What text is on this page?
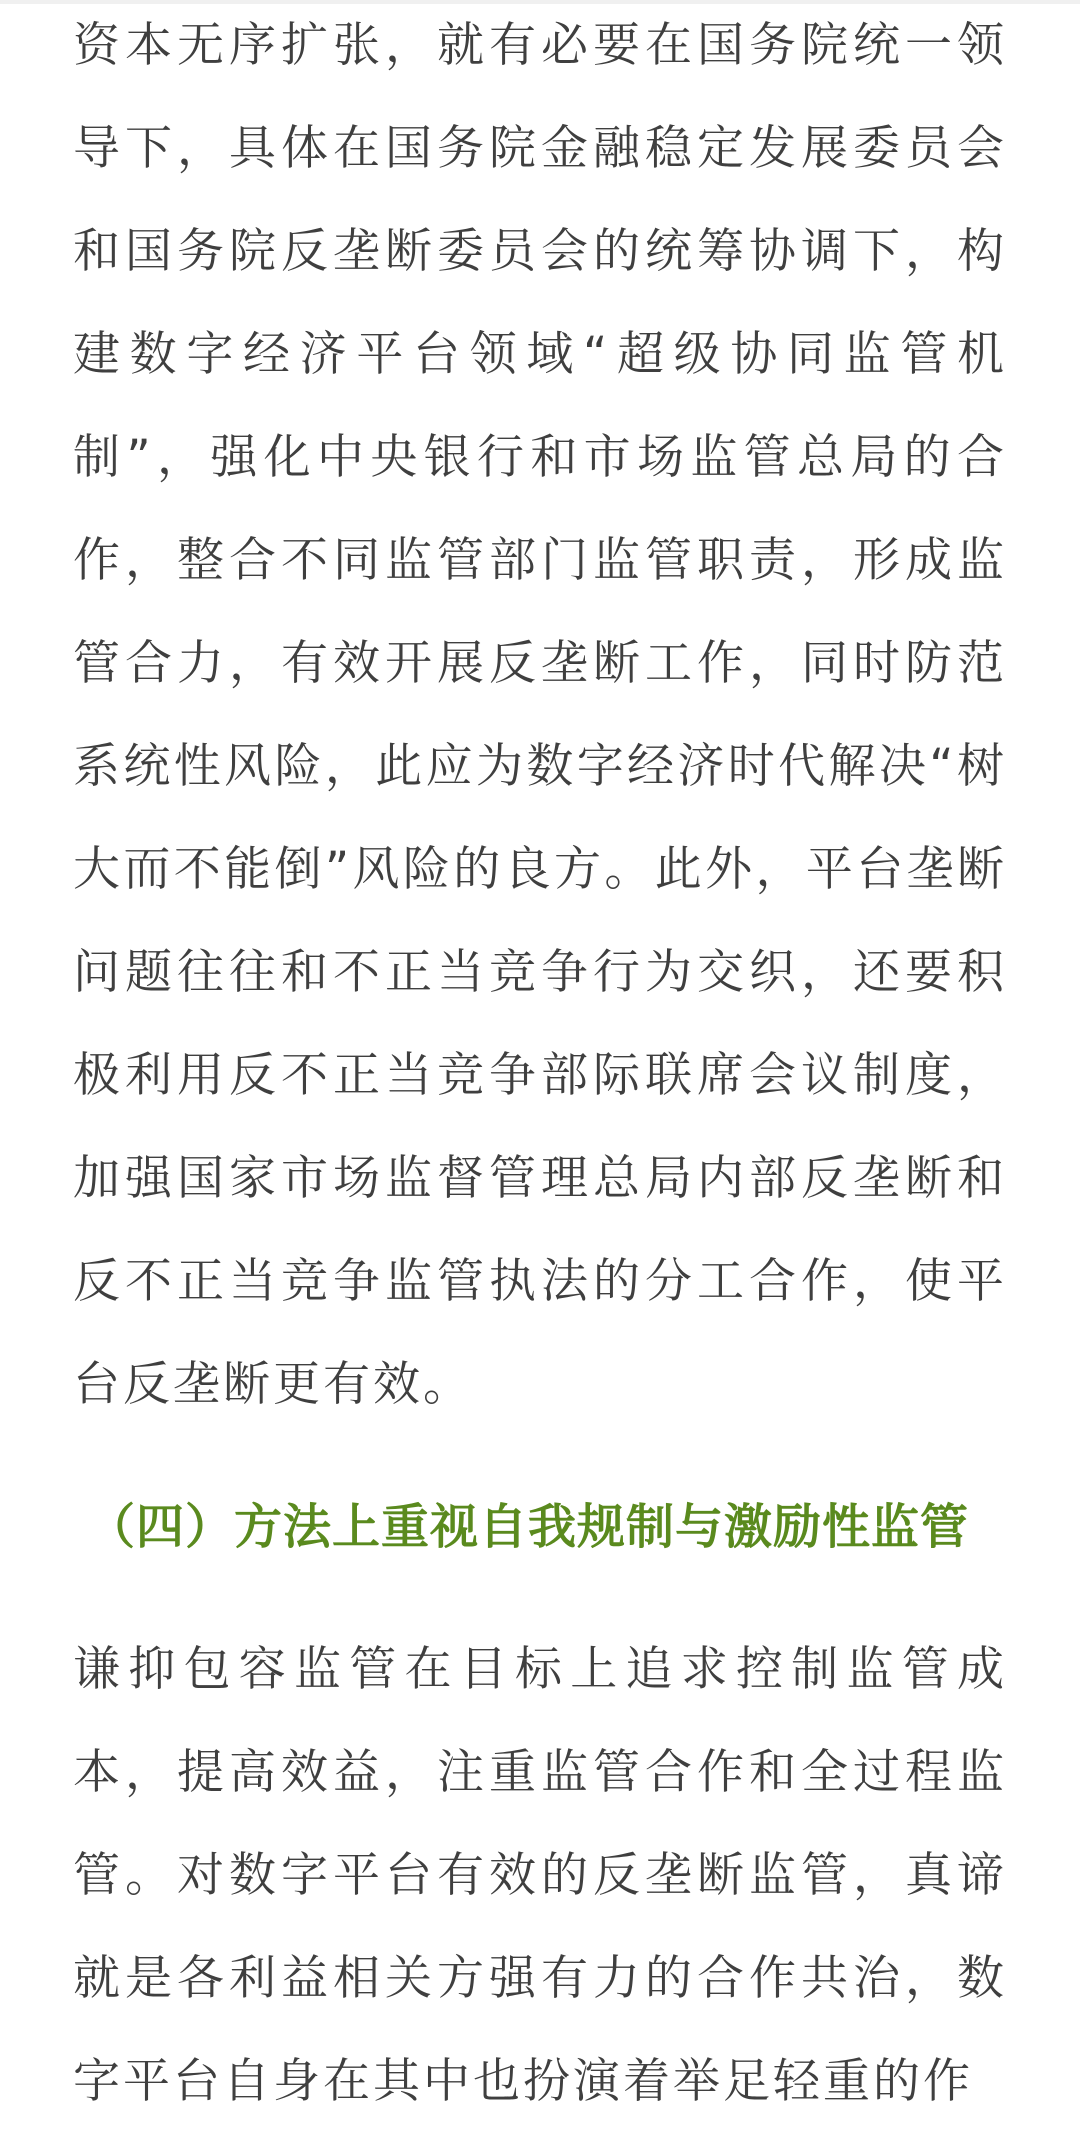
资本无序扩张，就有必要在国务院统一领导下，具体在国务院金融稳定发展委员会和国务院反垄断委员会的统筹协调下，构建数字经济平台领域“超级协同监管机制”，强化中央银行和市场监管总局的合作，整合不同监管部门监管职责，形成监管合力，有效开展反垄断工作，同时防范系统性风险，此应为数字经济时代解决“树大而不能倒”风险的良方。此外，平台垄断问题往往和不正当竞争行为交织，还要积极利用反不正当竞争部际联席会议制度，加强国家市场监督管理总局内部反垄断和反不正当竞争监管执法的分工合作，使平台反垄断更有效。

（四）方法上重视自我规制与激励性监管

谦抑包容监管在目标上追求控制监管成本，提高效益，注重监管合作和全过程监管。对数字平台有效的反垄断监管，真谛就是各利益相关方强有力的合作共治，数字平台自身在其中也扮演着举足轻重的作
